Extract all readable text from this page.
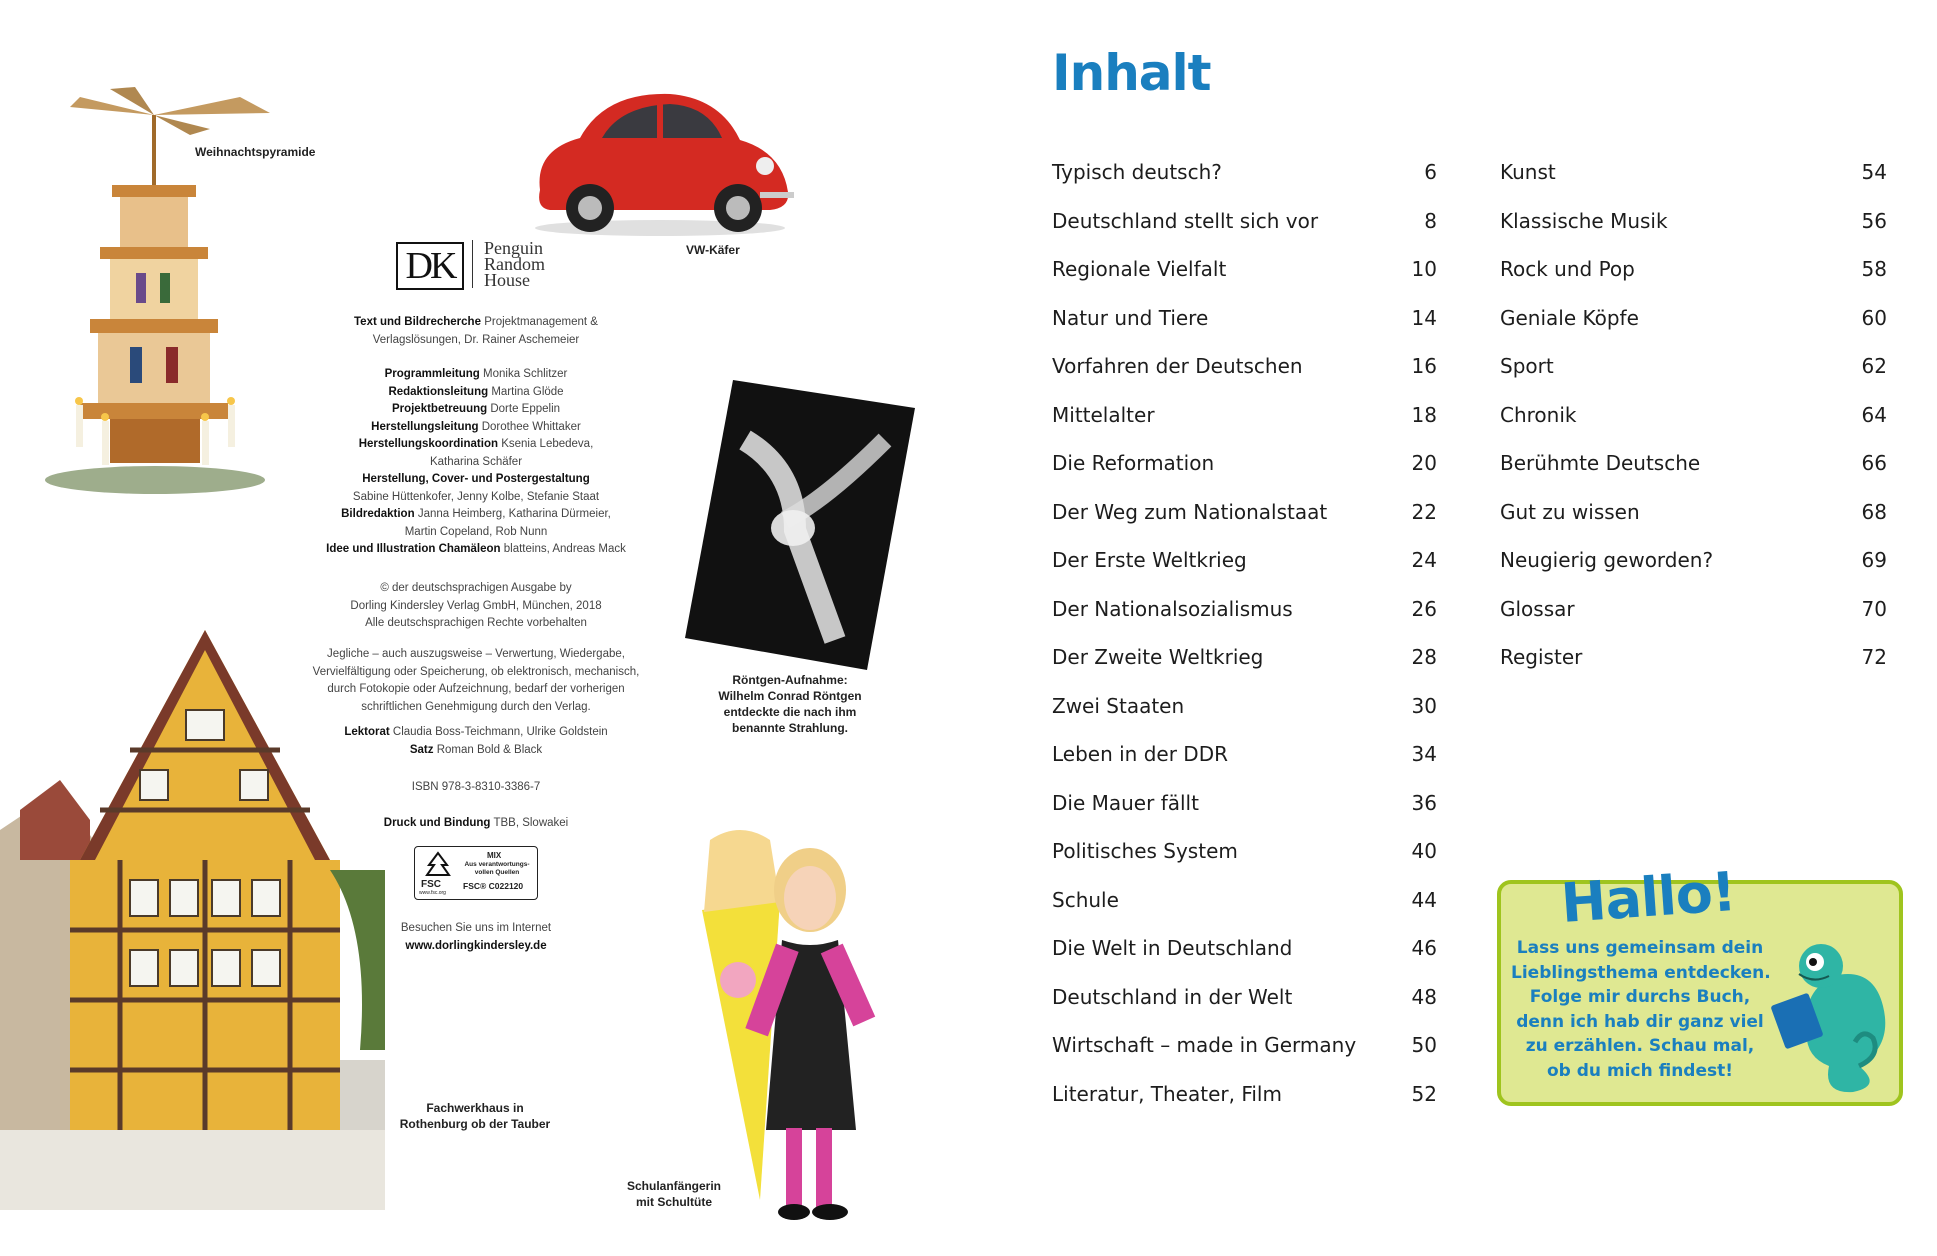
Weihnachtspyramide
VW-Käfer
DK	Penguin
Random
House
Text und Bildrecherche Projektmanagement &
Verlagslösungen, Dr. Rainer Aschemeier
Programmleitung Monika Schlitzer
Redaktionsleitung Martina Glöde
Projektbetreuung Dorte Eppelin
Herstellungsleitung Dorothee Whittaker
Herstellungskoordination Ksenia Lebedeva,
Katharina Schäfer
Herstellung, Cover- und Postergestaltung
Sabine Hüttenkofer, Jenny Kolbe, Stefanie Staat
Bildredaktion Janna Heimberg, Katharina Dürmeier,
Martin Copeland, Rob Nunn
Idee und Illustration Chamäleon blatteins, Andreas Mack
© der deutschsprachigen Ausgabe by
Dorling Kindersley Verlag GmbH, München, 2018
Alle deutschsprachigen Rechte vorbehalten
Jegliche – auch auszugsweise – Verwertung, Wiedergabe,
Vervielfältigung oder Speicherung, ob elektronisch, mechanisch,
durch Fotokopie oder Aufzeichnung, bedarf der vorherigen
schriftlichen Genehmigung durch den Verlag.
Lektorat Claudia Boss-Teichmann, Ulrike Goldstein
Satz Roman Bold & Black
ISBN 978-3-8310-3386-7
Druck und Bindung TBB, Slowakei
FSC
www.fsc.org
MIX
Aus verantwortungs-
vollen Quellen
FSC® C022120
Besuchen Sie uns im Internet
www.dorlingkindersley.de
Röntgen-Aufnahme:
Wilhelm Conrad Röntgen
entdeckte die nach ihm
benannte Strahlung.
Fachwerkhaus in
Rothenburg ob der Tauber
Schulanfängerin
mit Schultüte
Inhalt
Typisch deutsch?	6
Deutschland stellt sich vor	8
Regionale Vielfalt	10
Natur und Tiere	14
Vorfahren der Deutschen	16
Mittelalter	18
Die Reformation	20
Der Weg zum Nationalstaat	22
Der Erste Weltkrieg	24
Der Nationalsozialismus	26
Der Zweite Weltkrieg	28
Zwei Staaten	30
Leben in der DDR	34
Die Mauer fällt	36
Politisches System	40
Schule	44
Die Welt in Deutschland	46
Deutschland in der Welt	48
Wirtschaft – made in Germany	50
Literatur, Theater, Film	52
Kunst	54
Klassische Musik	56
Rock und Pop	58
Geniale Köpfe	60
Sport	62
Chronik	64
Berühmte Deutsche	66
Gut zu wissen	68
Neugierig geworden?	69
Glossar	70
Register	72
Hallo!
Lass uns gemeinsam dein
Lieblingsthema entdecken.
Folge mir durchs Buch,
denn ich hab dir ganz viel
zu erzählen. Schau mal,
ob du mich findest!
